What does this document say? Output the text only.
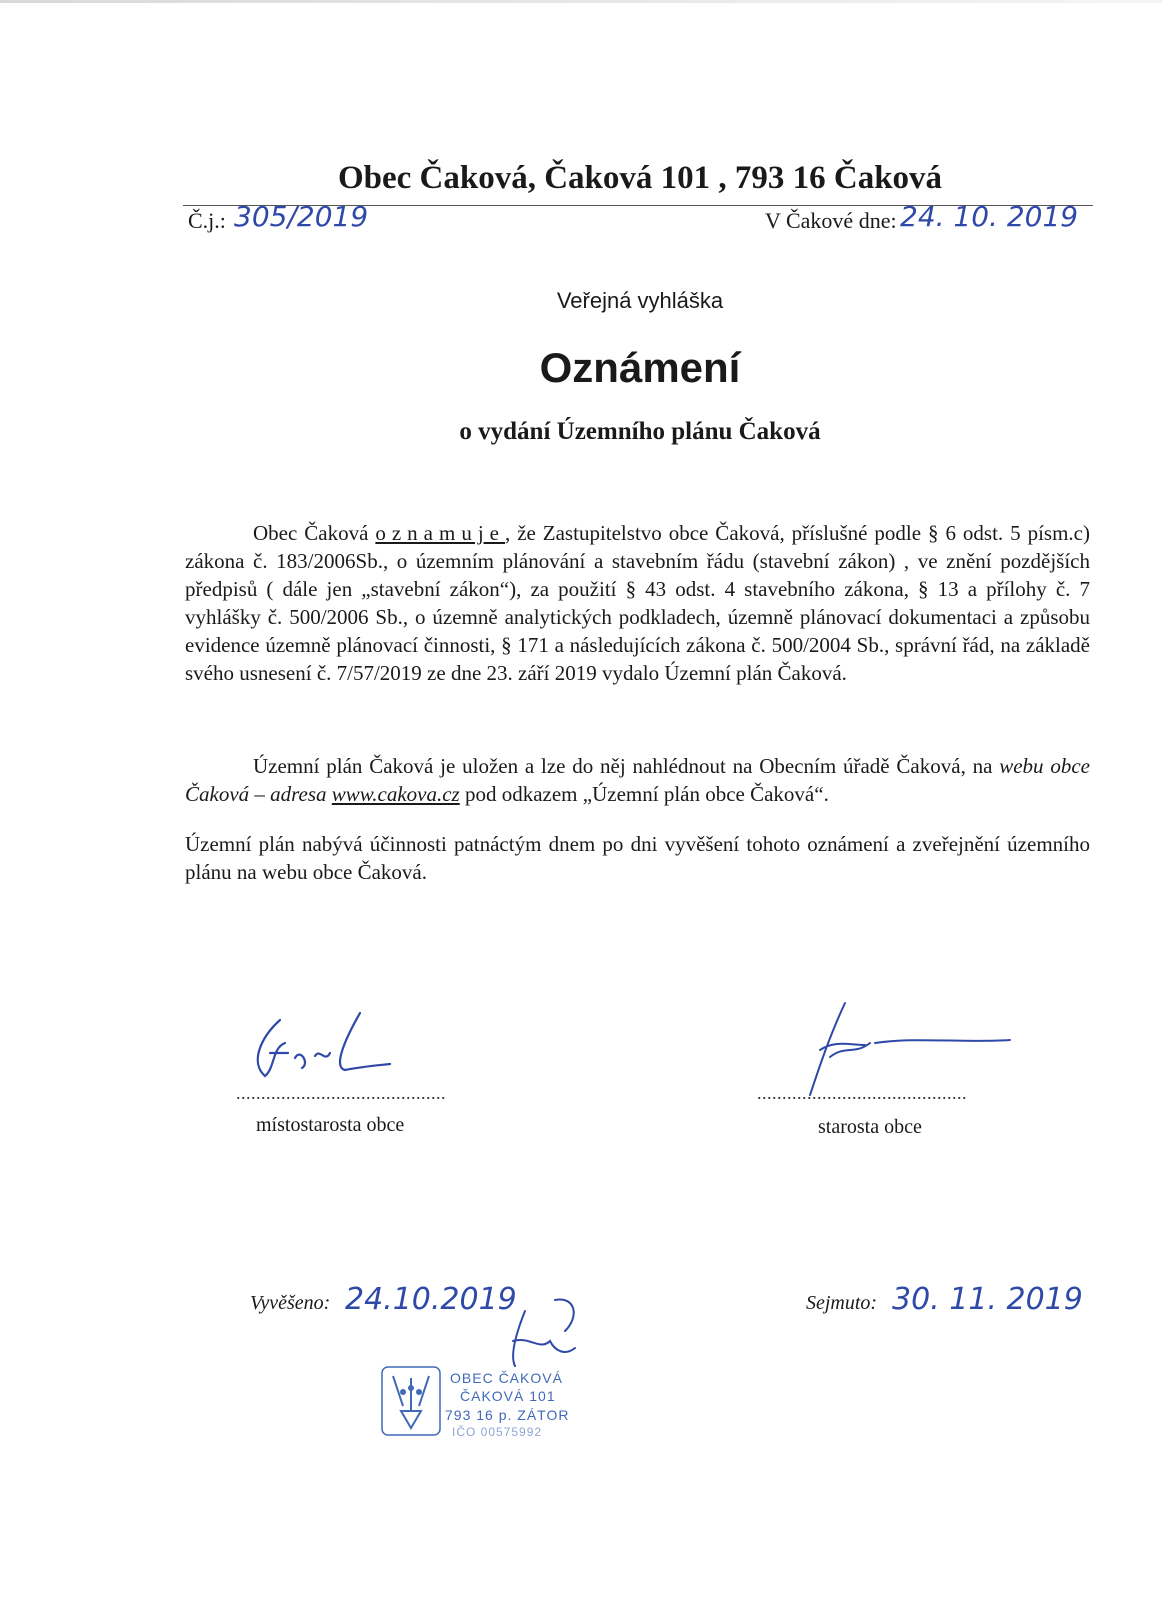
Obec Čaková, Čaková 101 , 793 16 Čaková
Č.j.: 305/2019	V Čakové dne: 24. 10. 2019
Veřejná vyhláška
Oznámení
o vydání Územního plánu Čaková
Obec Čaková oznamuje, že Zastupitelstvo obce Čaková, příslušné podle § 6 odst. 5 písm.c) zákona č. 183/2006Sb., o územním plánování a stavebním řádu (stavební zákon) , ve znění pozdějších předpisů ( dále jen „stavební zákon“), za použití § 43 odst. 4 stavebního zákona, § 13 a přílohy č. 7 vyhlášky č. 500/2006 Sb., o územně analytických podkladech, územně plánovací dokumentaci a způsobu evidence územně plánovací činnosti, § 171 a následujících zákona č. 500/2004 Sb., správní řád, na základě svého usnesení č. 7/57/2019 ze dne 23. září 2019 vydalo Územní plán Čaková.
Územní plán Čaková je uložen a lze do něj nahlédnout na Obecním úřadě Čaková, na webu obce Čaková – adresa www.cakova.cz pod odkazem „Územní plán obce Čaková“.
Územní plán nabývá účinnosti patnáctým dnem po dni vyvěšení tohoto oznámení a zveřejnění územního plánu na webu obce Čaková.
..........................................
místostarosta obce
..........................................
starosta obce
Vyvěšeno: 24.10.2019	Sejmuto: 30. 11. 2019
OBEC ČAKOVÁ
ČAKOVÁ 101
793 16 p. ZÁTOR
IČO 00575992
